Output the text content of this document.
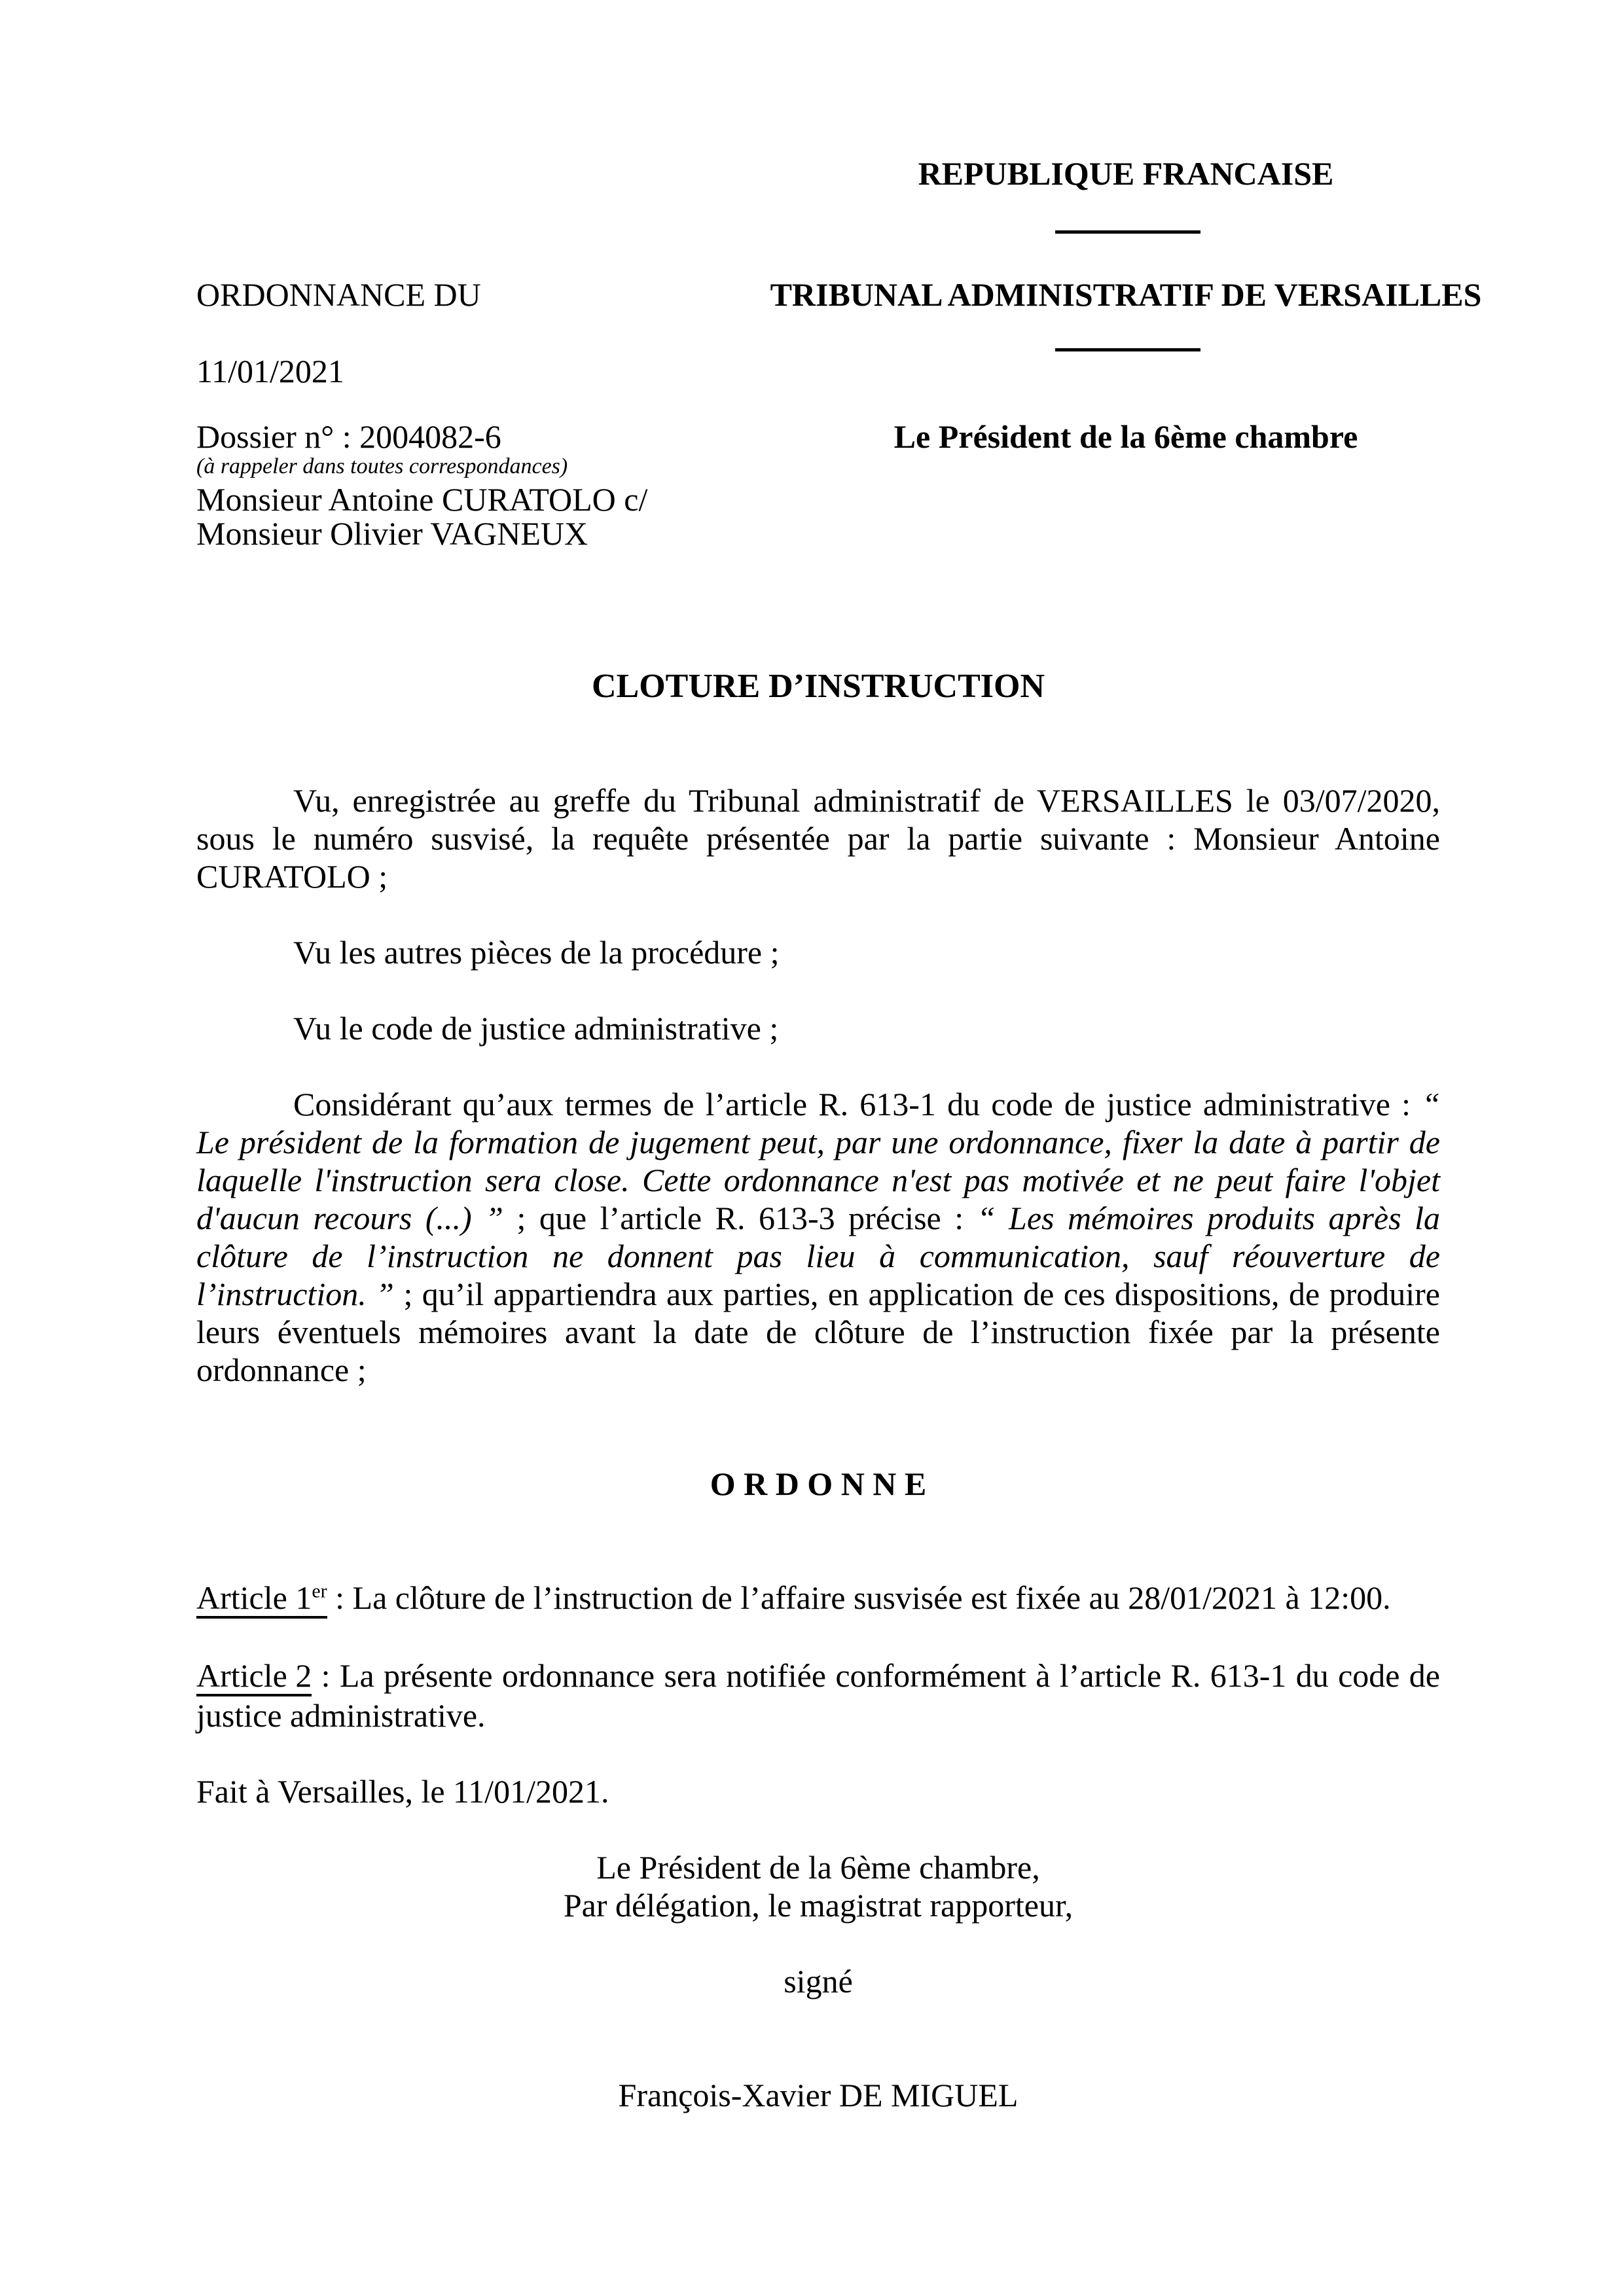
REPUBLIQUE FRANCAISE
ORDONNANCE DU	TRIBUNAL ADMINISTRATIF DE VERSAILLES
11/01/2021
Dossier n° : 2004082-6
(à rappeler dans toutes correspondances)
Le Président de la 6ème chambre
Monsieur Antoine CURATOLO c/
Monsieur Olivier VAGNEUX
CLOTURE D’INSTRUCTION

Vu, enregistrée au greffe du Tribunal administratif de VERSAILLES le 03/07/2020, sous le numéro susvisé, la requête présentée par la partie suivante : Monsieur Antoine CURATOLO ;

Vu les autres pièces de la procédure ;

Vu le code de justice administrative ;

Considérant qu’aux termes de l’article R. 613-1 du code de justice administrative : “ Le président de la formation de jugement peut, par une ordonnance, fixer la date à partir de laquelle l'instruction sera close. Cette ordonnance n'est pas motivée et ne peut faire l'objet d'aucun recours (...) ” ; que l’article R. 613-3 précise : “ Les mémoires produits après la clôture de l’instruction ne donnent pas lieu à communication, sauf réouverture de l’instruction. ” ; qu’il appartiendra aux parties, en application de ces dispositions, de produire leurs éventuels mémoires avant la date de clôture de l’instruction fixée par la présente ordonnance ;

O R D O N N E

Article 1er : La clôture de l’instruction de l’affaire susvisée est fixée au 28/01/2021 à 12:00.

Article 2 : La présente ordonnance sera notifiée conformément à l’article R. 613-1 du code de justice administrative.

Fait à Versailles, le 11/01/2021.

Le Président de la 6ème chambre,
Par délégation, le magistrat rapporteur,
signé
François-Xavier DE MIGUEL
